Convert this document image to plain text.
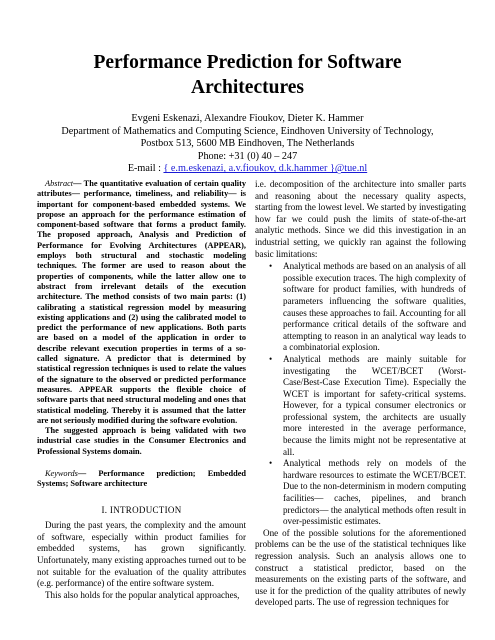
Performance Prediction for Software
Architectures
Evgeni Eskenazi, Alexandre Fioukov, Dieter K. Hammer
Department of Mathematics and Computing Science, Eindhoven University of Technology,
Postbox 513, 5600 MB Eindhoven, The Netherlands
Phone: +31 (0) 40 – 247
E-mail : { e.m.eskenazi, a.v.fioukov, d.k.hammer }@tue.nl

Abstract— The quantitative evaluation of certain quality attributes— performance, timeliness, and reliability— is important for component-based embedded systems. We propose an approach for the performance estimation of component-based software that forms a product family. The proposed approach, Analysis and Prediction of Performance for Evolving Architectures (APPEAR), employs both structural and stochastic modeling techniques. The former are used to reason about the properties of components, while the latter allow one to abstract from irrelevant details of the execution architecture. The method consists of two main parts: (1) calibrating a statistical regression model by measuring existing applications and (2) using the calibrated model to predict the performance of new applications. Both parts are based on a model of the application in order to describe relevant execution properties in terms of a so-called signature. A predictor that is determined by statistical regression techniques is used to relate the values of the signature to the observed or predicted performance measures. APPEAR supports the flexible choice of software parts that need structural modeling and ones that statistical modeling. Thereby it is assumed that the latter are not seriously modified during the software evolution.
The suggested approach is being validated with two industrial case studies in the Consumer Electronics and Professional Systems domain.

Keywords— Performance prediction; Embedded Systems; Software architecture

I. INTRODUCTION

During the past years, the complexity and the amount of software, especially within product families for embedded systems, has grown significantly. Unfortunately, many existing approaches turned out to be not suitable for the evaluation of the quality attributes (e.g. performance) of the entire software system.

This also holds for the popular analytical approaches,

i.e. decomposition of the architecture into smaller parts and reasoning about the necessary quality aspects, starting from the lowest level. We started by investigating how far we could push the limits of state-of-the-art analytic methods. Since we did this investigation in an industrial setting, we quickly ran against the following basic limitations:

• Analytical methods are based on an analysis of all possible execution traces. The high complexity of software for product families, with hundreds of parameters influencing the software qualities, causes these approaches to fail. Accounting for all performance critical details of the software and attempting to reason in an analytical way leads to a combinatorial explosion.
• Analytical methods are mainly suitable for investigating the WCET/BCET (Worst-Case/Best-Case Execution Time). Especially the WCET is important for safety-critical systems. However, for a typical consumer electronics or professional system, the architects are usually more interested in the average performance, because the limits might not be representative at all.
• Analytical methods rely on models of the hardware resources to estimate the WCET/BCET. Due to the non-determinism in modern computing facilities— caches, pipelines, and branch predictors— the analytical methods often result in over-pessimistic estimates.

One of the possible solutions for the aforementioned problems can be the use of the statistical techniques like regression analysis. Such an analysis allows one to construct a statistical predictor, based on the measurements on the existing parts of the software, and use it for the prediction of the quality attributes of newly developed parts. The use of regression techniques for
